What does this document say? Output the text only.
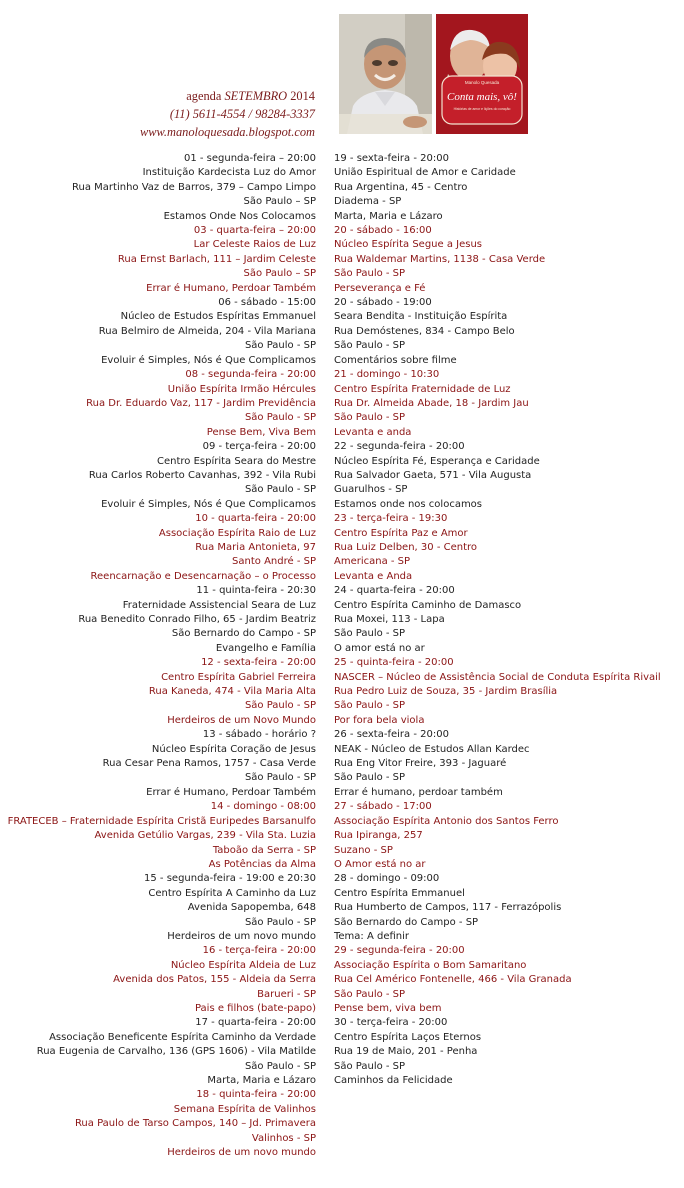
agenda SETEMBRO 2014
(11) 5611-4554 / 98284-3337
www.manoloquesada.blogspot.com
Manolo Quesada
Conta mais, vô!
Histórias de amor e lições do coração
01 - segunda-feira – 20:00
Instituição Kardecista Luz do Amor
Rua Martinho Vaz de Barros, 379 – Campo Limpo
São Paulo – SP
Estamos Onde Nos Colocamos
03 - quarta-feira – 20:00
Lar Celeste Raios de Luz
Rua Ernst Barlach, 111 – Jardim Celeste
São Paulo – SP
Errar é Humano, Perdoar Também
06 - sábado - 15:00
Núcleo de Estudos Espíritas Emmanuel
Rua Belmiro de Almeida, 204 - Vila Mariana
São Paulo - SP
Evoluir é Simples, Nós é Que Complicamos
08 - segunda-feira - 20:00
União Espírita Irmão Hércules
Rua Dr. Eduardo Vaz, 117 - Jardim Previdência
São Paulo - SP
Pense Bem, Viva Bem
09 - terça-feira - 20:00
Centro Espírita Seara do Mestre
Rua Carlos Roberto Cavanhas, 392 - Vila Rubi
São Paulo - SP
Evoluir é Simples, Nós é Que Complicamos
10 - quarta-feira - 20:00
Associação Espírita Raio de Luz
Rua Maria Antonieta, 97
Santo André - SP
Reencarnação e Desencarnação – o Processo
11 - quinta-feira - 20:30
Fraternidade Assistencial Seara de Luz
Rua Benedito Conrado Filho, 65 - Jardim Beatriz
São Bernardo do Campo - SP
Evangelho e Família
12 - sexta-feira - 20:00
Centro Espírita Gabriel Ferreira
Rua Kaneda, 474 - Vila Maria Alta
São Paulo - SP
Herdeiros de um Novo Mundo
13 - sábado - horário ?
Núcleo Espírita Coração de Jesus
Rua Cesar Pena Ramos, 1757 - Casa Verde
São Paulo - SP
Errar é Humano, Perdoar Também
14 - domingo - 08:00
FRATECEB – Fraternidade Espírita Cristã Euripedes Barsanulfo
Avenida Getúlio Vargas, 239 - Vila Sta. Luzia
Taboão da Serra - SP
As Potências da Alma
15 - segunda-feira - 19:00 e 20:30
Centro Espírita A Caminho da Luz
Avenida Sapopemba, 648
São Paulo - SP
Herdeiros de um novo mundo
16 - terça-feira - 20:00
Núcleo Espírita Aldeia de Luz
Avenida dos Patos, 155 - Aldeia da Serra
Barueri - SP
Pais e filhos (bate-papo)
17 - quarta-feira - 20:00
Associação Beneficente Espírita Caminho da Verdade
Rua Eugenia de Carvalho, 136 (GPS 1606) - Vila Matilde
São Paulo - SP
Marta, Maria e Lázaro
18 - quinta-feira - 20:00
Semana Espírita de Valinhos
Rua Paulo de Tarso Campos, 140 – Jd. Primavera
Valinhos - SP
Herdeiros de um novo mundo
19 - sexta-feira - 20:00
União Espiritual de Amor e Caridade
Rua Argentina, 45 - Centro
Diadema - SP
Marta, Maria e Lázaro
20 - sábado - 16:00
Núcleo Espírita Segue a Jesus
Rua Waldemar Martins, 1138 - Casa Verde
São Paulo - SP
Perseverança e Fé
20 - sábado - 19:00
Seara Bendita - Instituição Espírita
Rua Demóstenes, 834 - Campo Belo
São Paulo - SP
Comentários sobre filme
21 - domingo - 10:30
Centro Espírita Fraternidade de Luz
Rua Dr. Almeida Abade, 18 - Jardim Jau
São Paulo - SP
Levanta e anda
22 - segunda-feira - 20:00
Núcleo Espírita Fé, Esperança e Caridade
Rua Salvador Gaeta, 571 - Vila Augusta
Guarulhos - SP
Estamos onde nos colocamos
23 - terça-feira - 19:30
Centro Espírita Paz e Amor
Rua Luiz Delben, 30 - Centro
Americana - SP
Levanta e Anda
24 - quarta-feira - 20:00
Centro Espírita Caminho de Damasco
Rua Moxei, 113 - Lapa
São Paulo - SP
O amor está no ar
25 - quinta-feira - 20:00
NASCER – Núcleo de Assistência Social de Conduta Espírita Rivail
Rua Pedro Luiz de Souza, 35 - Jardim Brasília
São Paulo - SP
Por fora bela viola
26 - sexta-feira - 20:00
NEAK - Núcleo de Estudos Allan Kardec
Rua Eng Vitor Freire, 393 - Jaguaré
São Paulo - SP
Errar é humano, perdoar também
27 - sábado - 17:00
Associação Espírita Antonio dos Santos Ferro
Rua Ipiranga, 257
Suzano - SP
O Amor está no ar
28 - domingo - 09:00
Centro Espírita Emmanuel
Rua Humberto de Campos, 117 - Ferrazópolis
São Bernardo do Campo - SP
Tema: A definir
29 - segunda-feira - 20:00
Associação Espírita o Bom Samaritano
Rua Cel Américo Fontenelle, 466 - Vila Granada
São Paulo - SP
Pense bem, viva bem
30 - terça-feira - 20:00
Centro Espírita Laços Eternos
Rua 19 de Maio, 201 - Penha
São Paulo - SP
Caminhos da Felicidade
